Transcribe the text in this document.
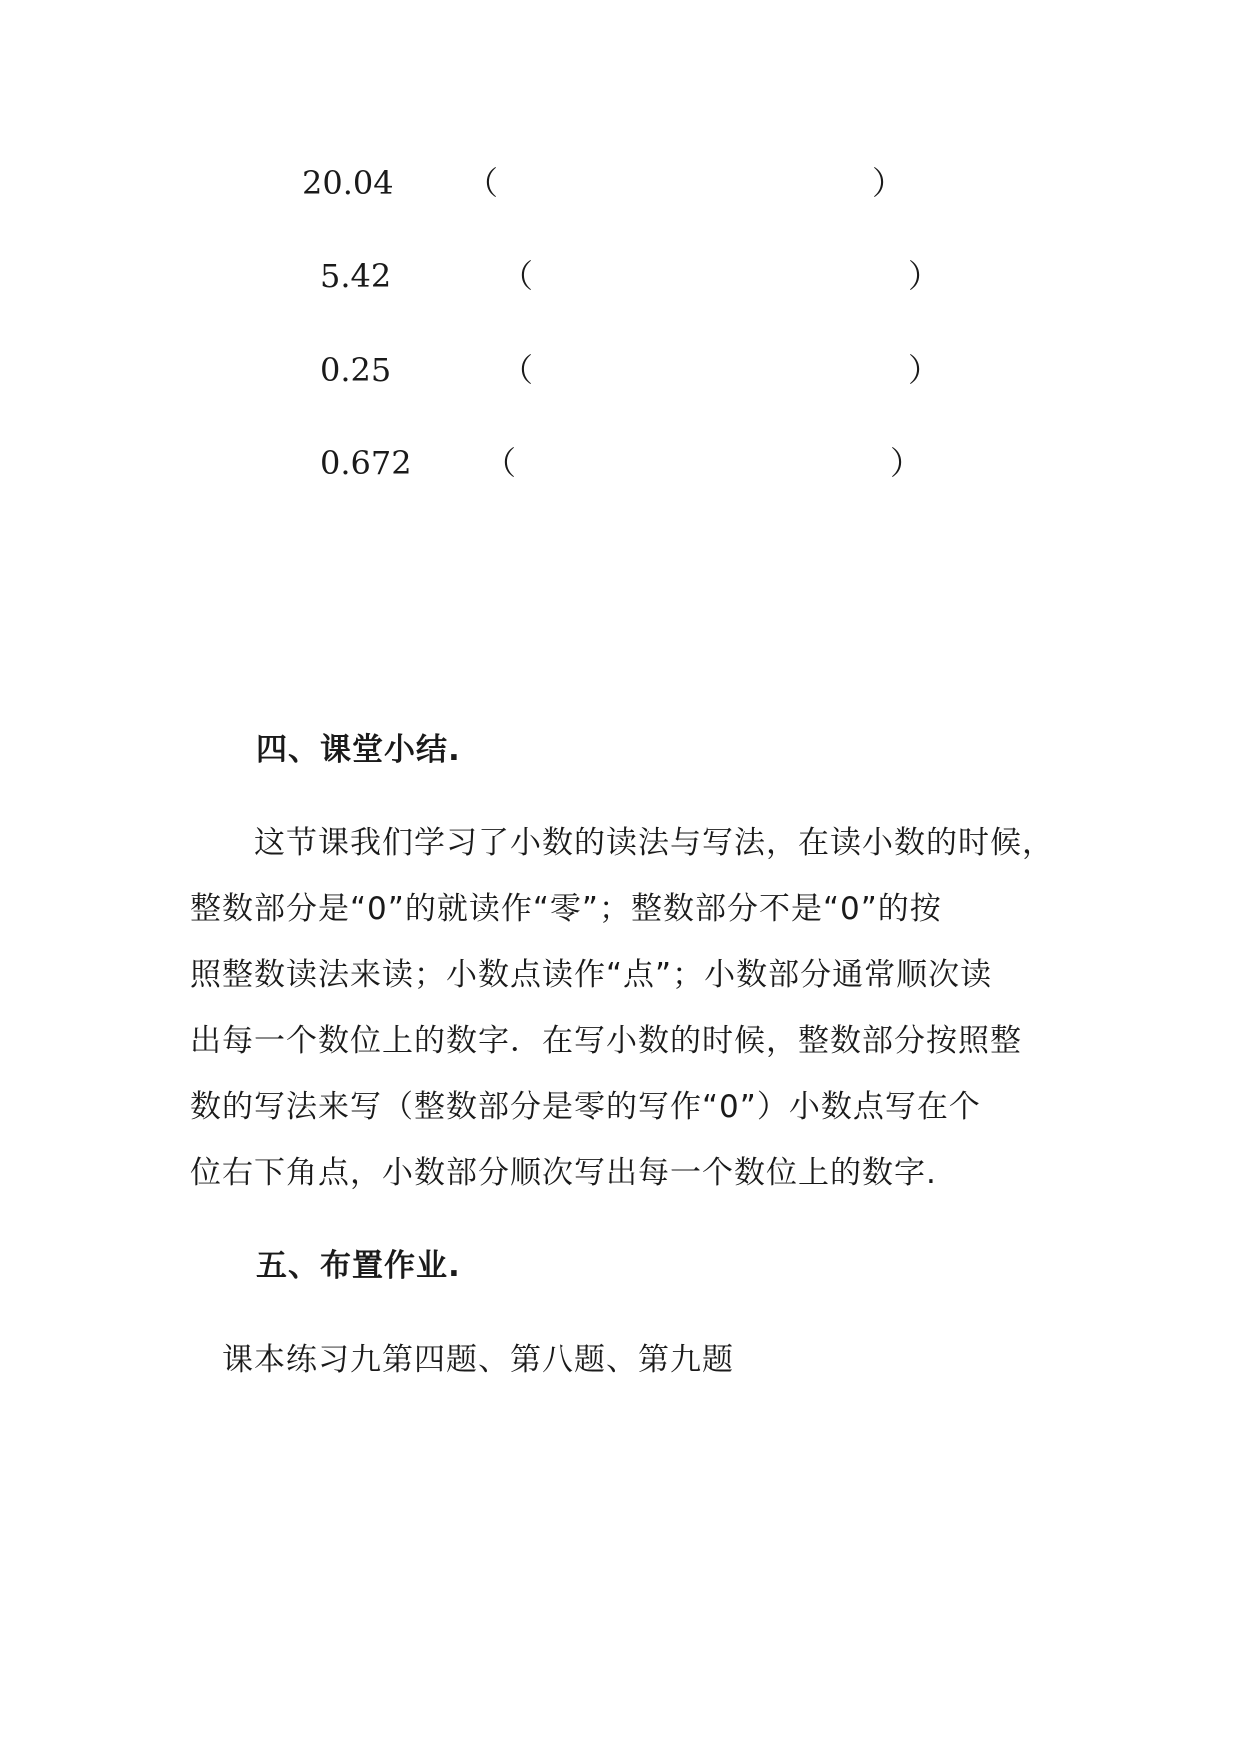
20.04 （	）
5.42	（	）
0.25	（	）
0.672 （	）
四、课堂小结.
　　这节课我们学习了小数的读法与写法，在读小数的时候，
整数部分是“0”的就读作“零”；整数部分不是“0”的按
照整数读法来读；小数点读作“点”；小数部分通常顺次读
出每一个数位上的数字．在写小数的时候，整数部分按照整
数的写法来写（整数部分是零的写作“0”）小数点写在个
位右下角点，小数部分顺次写出每一个数位上的数字.
五、布置作业.
课本练习九第四题、第八题、第九题
